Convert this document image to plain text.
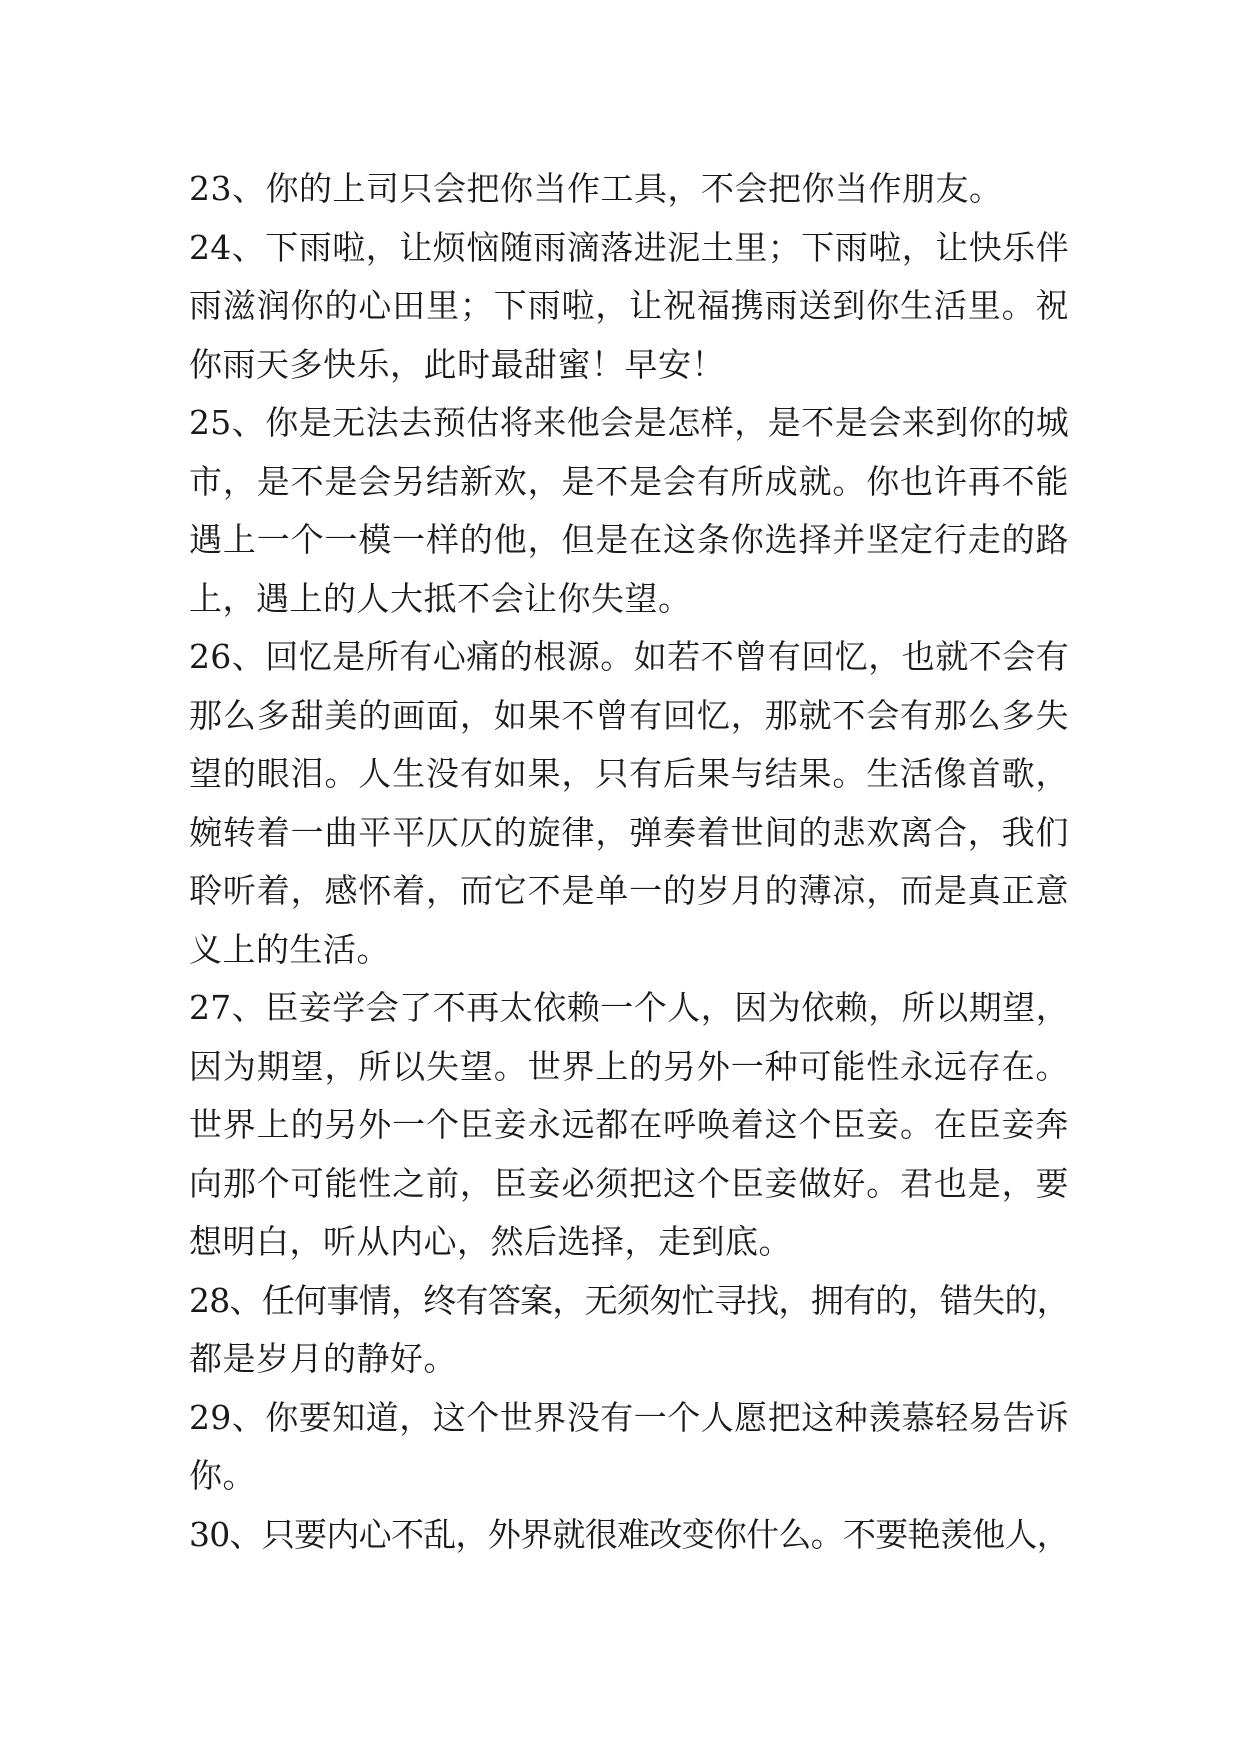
23、你的上司只会把你当作工具，不会把你当作朋友。
24、下雨啦，让烦恼随雨滴落进泥土里；下雨啦，让快乐伴
雨滋润你的心田里；下雨啦，让祝福携雨送到你生活里。祝
你雨天多快乐，此时最甜蜜！早安！
25、你是无法去预估将来他会是怎样，是不是会来到你的城
市，是不是会另结新欢，是不是会有所成就。你也许再不能
遇上一个一模一样的他，但是在这条你选择并坚定行走的路
上，遇上的人大抵不会让你失望。
26、回忆是所有心痛的根源。如若不曾有回忆，也就不会有
那么多甜美的画面，如果不曾有回忆，那就不会有那么多失
望的眼泪。人生没有如果，只有后果与结果。生活像首歌，
婉转着一曲平平仄仄的旋律，弹奏着世间的悲欢离合，我们
聆听着，感怀着，而它不是单一的岁月的薄凉，而是真正意
义上的生活。
27、臣妾学会了不再太依赖一个人，因为依赖，所以期望，
因为期望，所以失望。世界上的另外一种可能性永远存在。
世界上的另外一个臣妾永远都在呼唤着这个臣妾。在臣妾奔
向那个可能性之前，臣妾必须把这个臣妾做好。君也是，要
想明白，听从内心，然后选择，走到底。
28、任何事情，终有答案，无须匆忙寻找，拥有的，错失的，
都是岁月的静好。
29、你要知道，这个世界没有一个人愿把这种羡慕轻易告诉
你。
30、只要内心不乱，外界就很难改变你什么。不要艳羡他人，
